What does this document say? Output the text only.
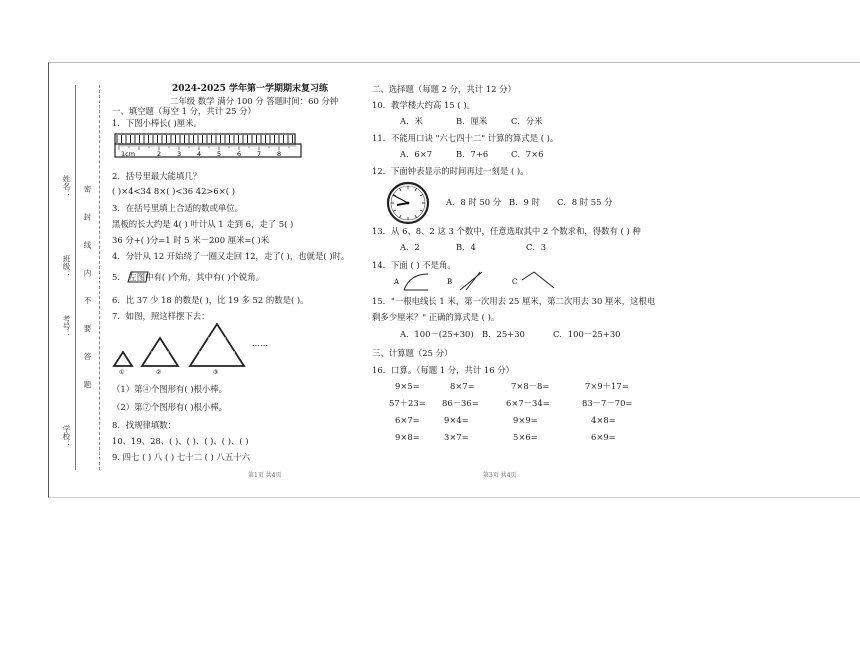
姓名：
班级：
考号：
学校：
密 封 线 内 不 要 答 题
2024-2025 学年第一学期期末复习练
二年级 数学 满分 100 分 答题时间：60 分钟
一、填空题（每空 1 分，共计 25 分）
1．下图小棒长( )厘米。
1cm	2 3 4 5 6 7 8
2．括号里最大能填几？
( )×4<34 8×( )<36 42>6×( )
3．在括号里填上合适的数或单位。
黑板的长大约是 4( ) 叶计从 1 走到 6，走了 5( )
36 分+( )分=1 时 5 米－200 厘米=( )米
4．分针从 12 开始绕了一圈又走回 12，走了( )，也就是( )时。
5． 左图中有( )个角，其中有( )个锐角。
6．比 37 少 18 的数是( )，比 19 多 52 的数是( )。
7．如图，照这样摆下去：
……
①	②	③
（1）第④个图形有( )根小棒。
（2）第⑦个图形有( )根小棒。
8．找规律填数：
10、19、28、( )、( )、( )、( )、( )
9. 四七 ( ) 八 ( ) 七十二 ( ) 八五十六
第1页 共4页
二、选择题（每题 2 分，共计 12 分）
10．教学楼大约高 15 ( )。
A．米	B．厘米	C．分米
11．不能用口诀 "六七四十二" 计算的算式是 ( )。
A．6×7	B．7+6	C．7×6
12．下面钟表显示的时间再过一刻是 ( )。
A．8 时 50 分 B．9 时 C．8 时 55 分
13．从 6、8、2 这 3 个数中，任意选取其中 2 个数求和，得数有 ( ) 种
A．2	B．4	C．3
14．下面 ( ) 不是角。
A	B	C
15．"一根电线长 1 米，第一次用去 25 厘米，第二次用去 30 厘米，这根电
剩多少厘米？" 正确的算式是 ( )。
A．100－(25+30) B．25+30	C．100－25+30
三、计算题（25 分）
16．口算。（每题 1 分，共计 16 分）
9×5=	8×7=	7×8－8=	7×9＋17=
57＋23= 86－36=	6×7－34=	83－7－70=
6×7=	9×4=	9×9=	4×8=
9×8=	3×7=	5×6=	6×9=
第3页 共4页
